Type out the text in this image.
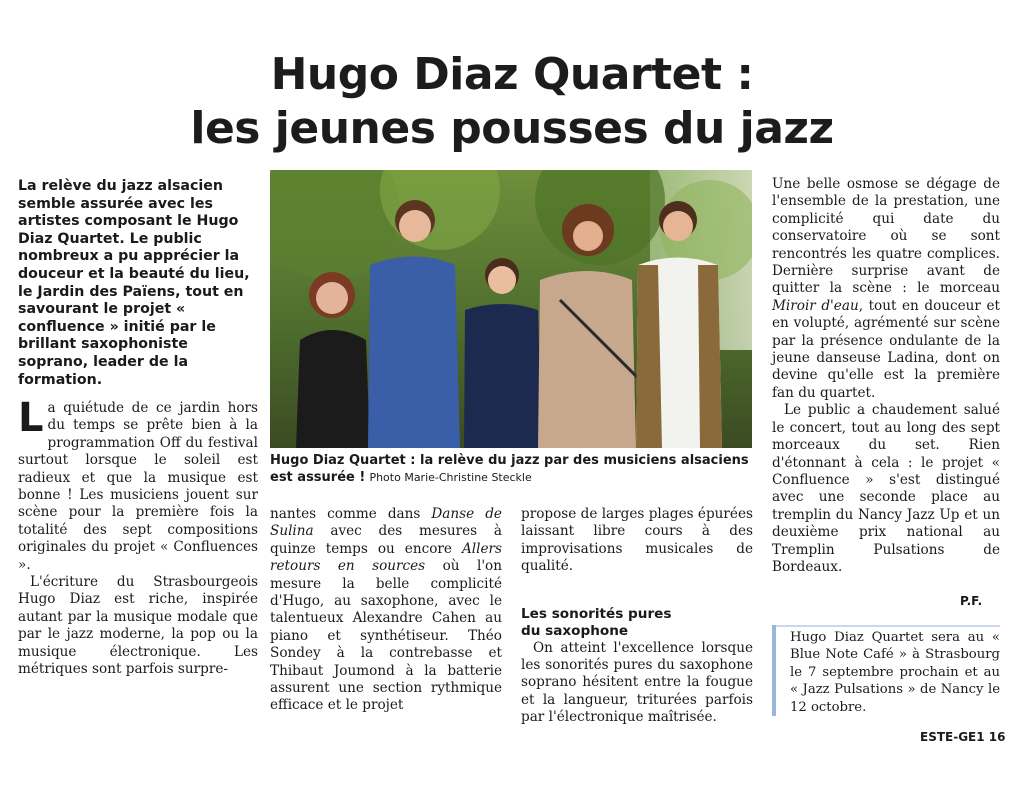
Hugo Diaz Quartet :
les jeunes pousses du jazz
La relève du jazz alsacien semble assurée avec les artistes composant le Hugo Diaz Quartet. Le public nombreux a pu apprécier la douceur et la beauté du lieu, le Jardin des Païens, tout en savourant le projet « confluence » initié par le brillant saxophoniste soprano, leader de la formation.

La quiétude de ce jardin hors du temps se prête bien à la programmation Off du festival surtout lorsque le soleil est radieux et que la musique est bonne ! Les musiciens jouent sur scène pour la première fois la totalité des sept compositions originales du projet « Confluences ».

L'écriture du Strasbourgeois Hugo Diaz est riche, inspirée autant par la musique modale que par le jazz moderne, la pop ou la musique électronique. Les métriques sont parfois surpre-

Hugo Diaz Quartet : la relève du jazz par des musiciens alsaciens est assurée ! Photo Marie-Christine Steckle

nantes comme dans Danse de Sulina avec des mesures à quinze temps ou encore Allers retours en sources où l'on mesure la belle complicité d'Hugo, au saxophone, avec le talentueux Alexandre Cahen au piano et synthétiseur. Théo Sondey à la contrebasse et Thibaut Joumond à la batterie assurent une section rythmique efficace et le projet

propose de larges plages épurées laissant libre cours à des improvisations musicales de qualité.

Les sonorités pures
du saxophone

On atteint l'excellence lorsque les sonorités pures du saxophone soprano hésitent entre la fougue et la langueur, triturées parfois par l'électronique maîtrisée.

Une belle osmose se dégage de l'ensemble de la prestation, une complicité qui date du conservatoire où se sont rencontrés les quatre complices. Dernière surprise avant de quitter la scène : le morceau Miroir d'eau, tout en douceur et en volupté, agrémenté sur scène par la présence ondulante de la jeune danseuse Ladina, dont on devine qu'elle est la première fan du quartet.

Le public a chaudement salué le concert, tout au long des sept morceaux du set. Rien d'étonnant à cela : le projet « Confluence » s'est distingué avec une seconde place au tremplin du Nancy Jazz Up et un deuxième prix national au Tremplin Pulsations de Bordeaux.

P.F.
Hugo Diaz Quartet sera au « Blue Note Café » à Strasbourg le 7 septembre prochain et au « Jazz Pulsations » de Nancy le 12 octobre.
ESTE-GE1 16
